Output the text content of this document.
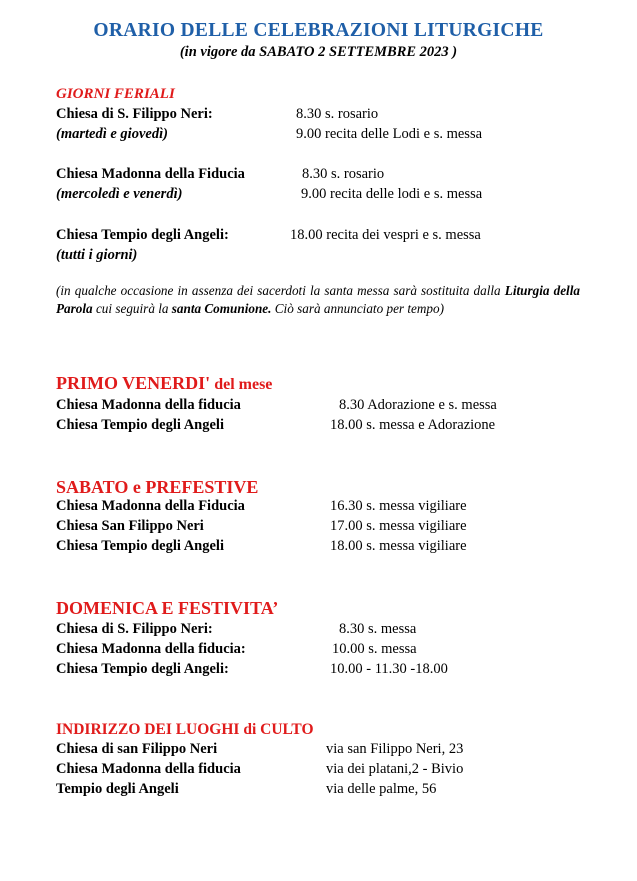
ORARIO DELLE CELEBRAZIONI LITURGICHE
(in vigore da SABATO 2 SETTEMBRE 2023 )
GIORNI FERIALI
Chiesa di S. Filippo Neri:	8.30 s. rosario
(martedì e giovedì)	9.00 recita delle Lodi e s. messa
Chiesa Madonna della Fiducia	8.30 s. rosario
(mercoledì e venerdì)	9.00 recita delle lodi e s. messa
Chiesa Tempio degli Angeli:	18.00 recita dei vespri e s. messa
(tutti i giorni)
(in qualche occasione in assenza dei sacerdoti la santa messa sarà sostituita dalla Liturgia della Parola cui seguirà la santa Comunione. Ciò sarà annunciato per tempo)
PRIMO VENERDI' del mese
Chiesa Madonna della fiducia	8.30 Adorazione e s. messa
Chiesa Tempio degli Angeli	18.00 s. messa e Adorazione
SABATO e PREFESTIVE
Chiesa Madonna della Fiducia	16.30 s. messa vigiliare
Chiesa San Filippo Neri	17.00 s. messa vigiliare
Chiesa Tempio degli Angeli	18.00 s. messa vigiliare
DOMENICA E FESTIVITA’
Chiesa di S. Filippo Neri:	8.30 s. messa
Chiesa Madonna della fiducia:	10.00 s. messa
Chiesa Tempio degli Angeli:	10.00 - 11.30 -18.00
INDIRIZZO DEI LUOGHI di CULTO
Chiesa di san Filippo Neri	via san Filippo Neri, 23
Chiesa Madonna della fiducia	via dei platani,2 - Bivio
Tempio degli Angeli	via delle palme, 56
